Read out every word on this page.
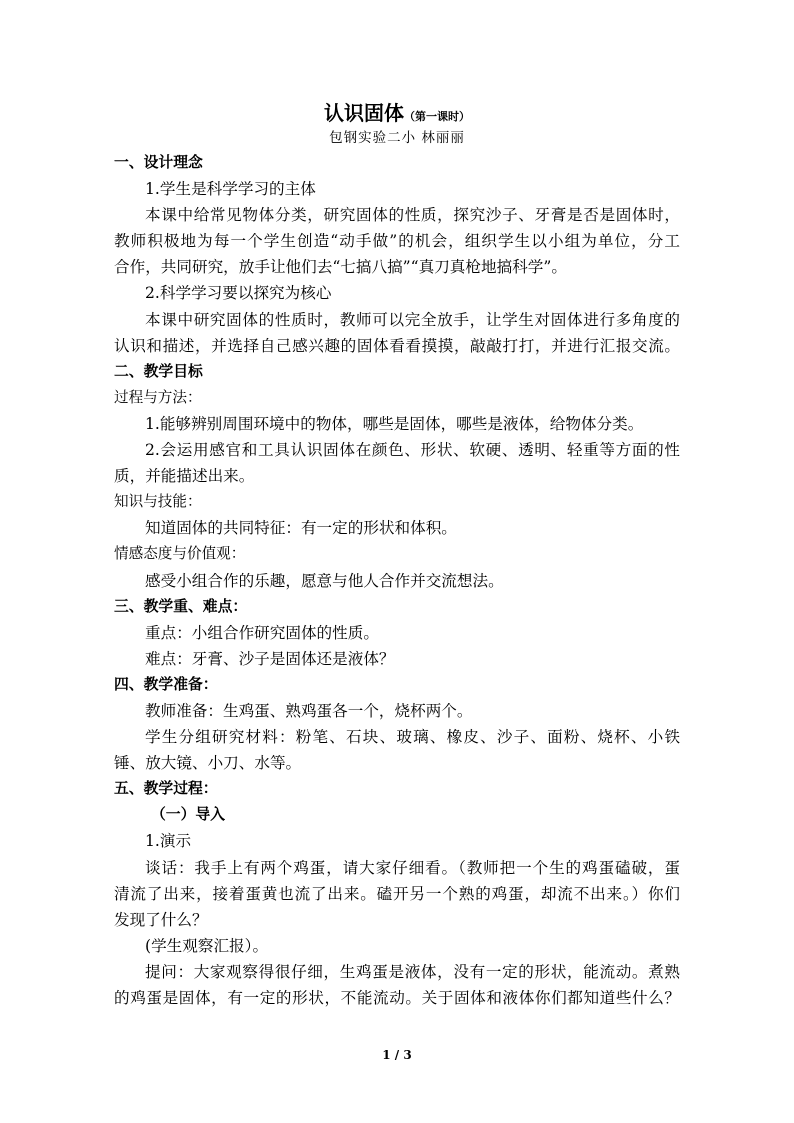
认识固体（第一课时）
包钢实验二小 林丽丽
一、设计理念
1.学生是科学学习的主体
本课中给常见物体分类，研究固体的性质，探究沙子、牙膏是否是固体时，
教师积极地为每一个学生创造“动手做”的机会，组织学生以小组为单位，分工
合作，共同研究，放手让他们去“七搞八搞”“真刀真枪地搞科学”。
2.科学学习要以探究为核心
本课中研究固体的性质时，教师可以完全放手，让学生对固体进行多角度的
认识和描述，并选择自己感兴趣的固体看看摸摸，敲敲打打，并进行汇报交流。
二、教学目标
过程与方法：
1.能够辨别周围环境中的物体，哪些是固体，哪些是液体，给物体分类。
2.会运用感官和工具认识固体在颜色、形状、软硬、透明、轻重等方面的性
质，并能描述出来。
知识与技能：
知道固体的共同特征：有一定的形状和体积。
情感态度与价值观：
感受小组合作的乐趣，愿意与他人合作并交流想法。
三、教学重、难点：
重点：小组合作研究固体的性质。
难点：牙膏、沙子是固体还是液体？
四、教学准备：
教师准备：生鸡蛋、熟鸡蛋各一个，烧杯两个。
学生分组研究材料：粉笔、石块、玻璃、橡皮、沙子、面粉、烧杯、小铁
锤、放大镜、小刀、水等。
五、教学过程：
（一）导入
1.演示
谈话：我手上有两个鸡蛋，请大家仔细看。（教师把一个生的鸡蛋磕破，蛋
清流了出来，接着蛋黄也流了出来。磕开另一个熟的鸡蛋，却流不出来。）你们
发现了什么？
(学生观察汇报）。
提问：大家观察得很仔细，生鸡蛋是液体，没有一定的形状，能流动。煮熟
的鸡蛋是固体，有一定的形状，不能流动。关于固体和液体你们都知道些什么？
1 / 3
